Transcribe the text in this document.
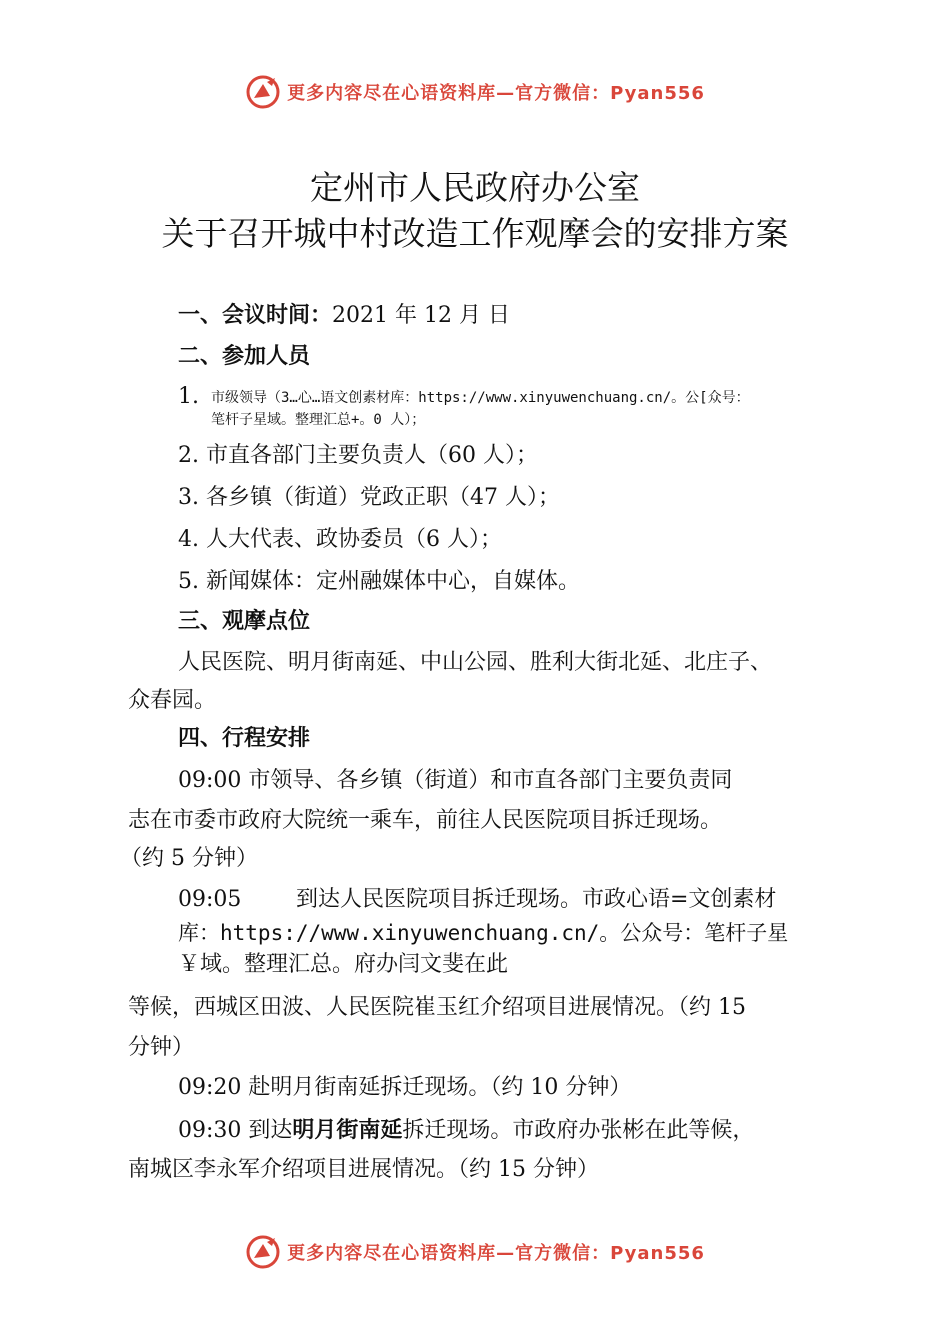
更多内容尽在心语资料库—官方微信：Pyan556
定州市人民政府办公室
关于召开城中村改造工作观摩会的安排方案
一、会议时间：2021 年 12 月 日
二、参加人员
1. 市级领导（3…心…语文创素材库：https://www.xinyuwenchuang.cn/。公[众号：
笔杆子星域。整理汇总+。0 人）；
2. 市直各部门主要负责人（60 人）；
3. 各乡镇（街道）党政正职（47 人）；
4. 人大代表、政协委员（6 人）；
5. 新闻媒体：定州融媒体中心，自媒体。
三、观摩点位
人民医院、明月街南延、中山公园、胜利大街北延、北庄子、
众春园。
四、行程安排
09:00 市领导、各乡镇（街道）和市直各部门主要负责同
志在市委市政府大院统一乘车，前往人民医院项目拆迁现场。
（约 5 分钟）
09:05 到达人民医院项目拆迁现场。市政心语=文创素材
库：https://www.xinyuwenchuang.cn/。公众号：笔杆子星
￥域。整理汇总。府办闫文斐在此
等候，西城区田波、人民医院崔玉红介绍项目进展情况。（约 15
分钟）
09:20 赴明月街南延拆迁现场。（约 10 分钟）
09:30 到达明月街南延拆迁现场。市政府办张彬在此等候，
南城区李永军介绍项目进展情况。（约 15 分钟）
更多内容尽在心语资料库—官方微信：Pyan556
